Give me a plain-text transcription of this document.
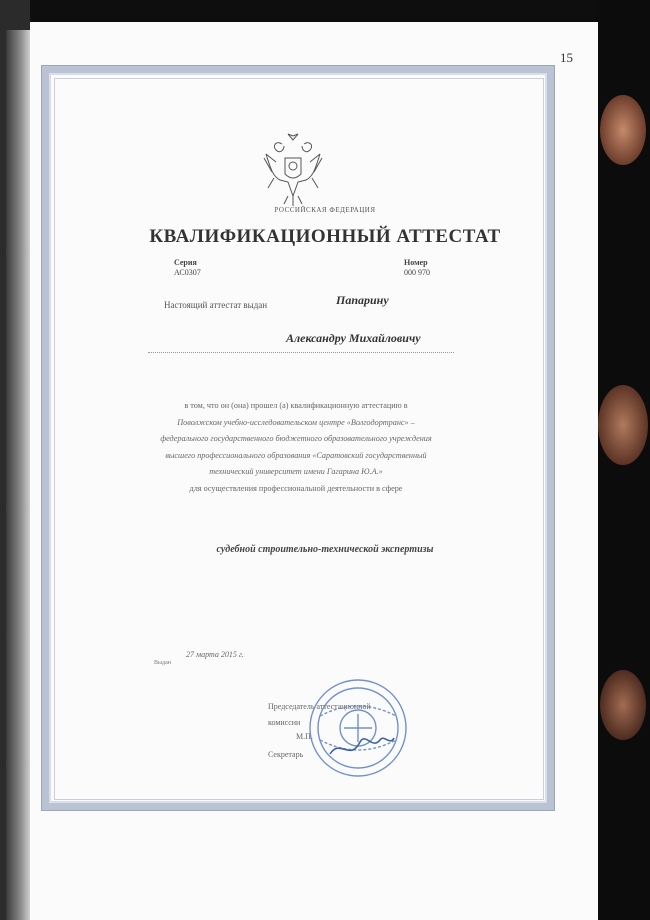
15
РОССИЙСКАЯ ФЕДЕРАЦИЯ
КВАЛИФИКАЦИОННЫЙ АТТЕСТАТ
Серия
АС0307
Номер
000 970
Настоящий аттестат выдан	Папарину
Александру Михайловичу
в том, что он (она) прошел (а) квалификационную аттестацию в
Поволжском учебно-исследовательском центре «Волгодортранс» –
федерального государственного бюджетного образовательного учреждения
высшего профессионального образования «Саратовский государственный
технический университет имени Гагарина Ю.А.»
для осуществления профессиональной деятельности в сфере
судебной строительно-технической экспертизы
27 марта 2015 г.
Выдан
Председатель аттестационной
комиссии
М.П.
Секретарь
